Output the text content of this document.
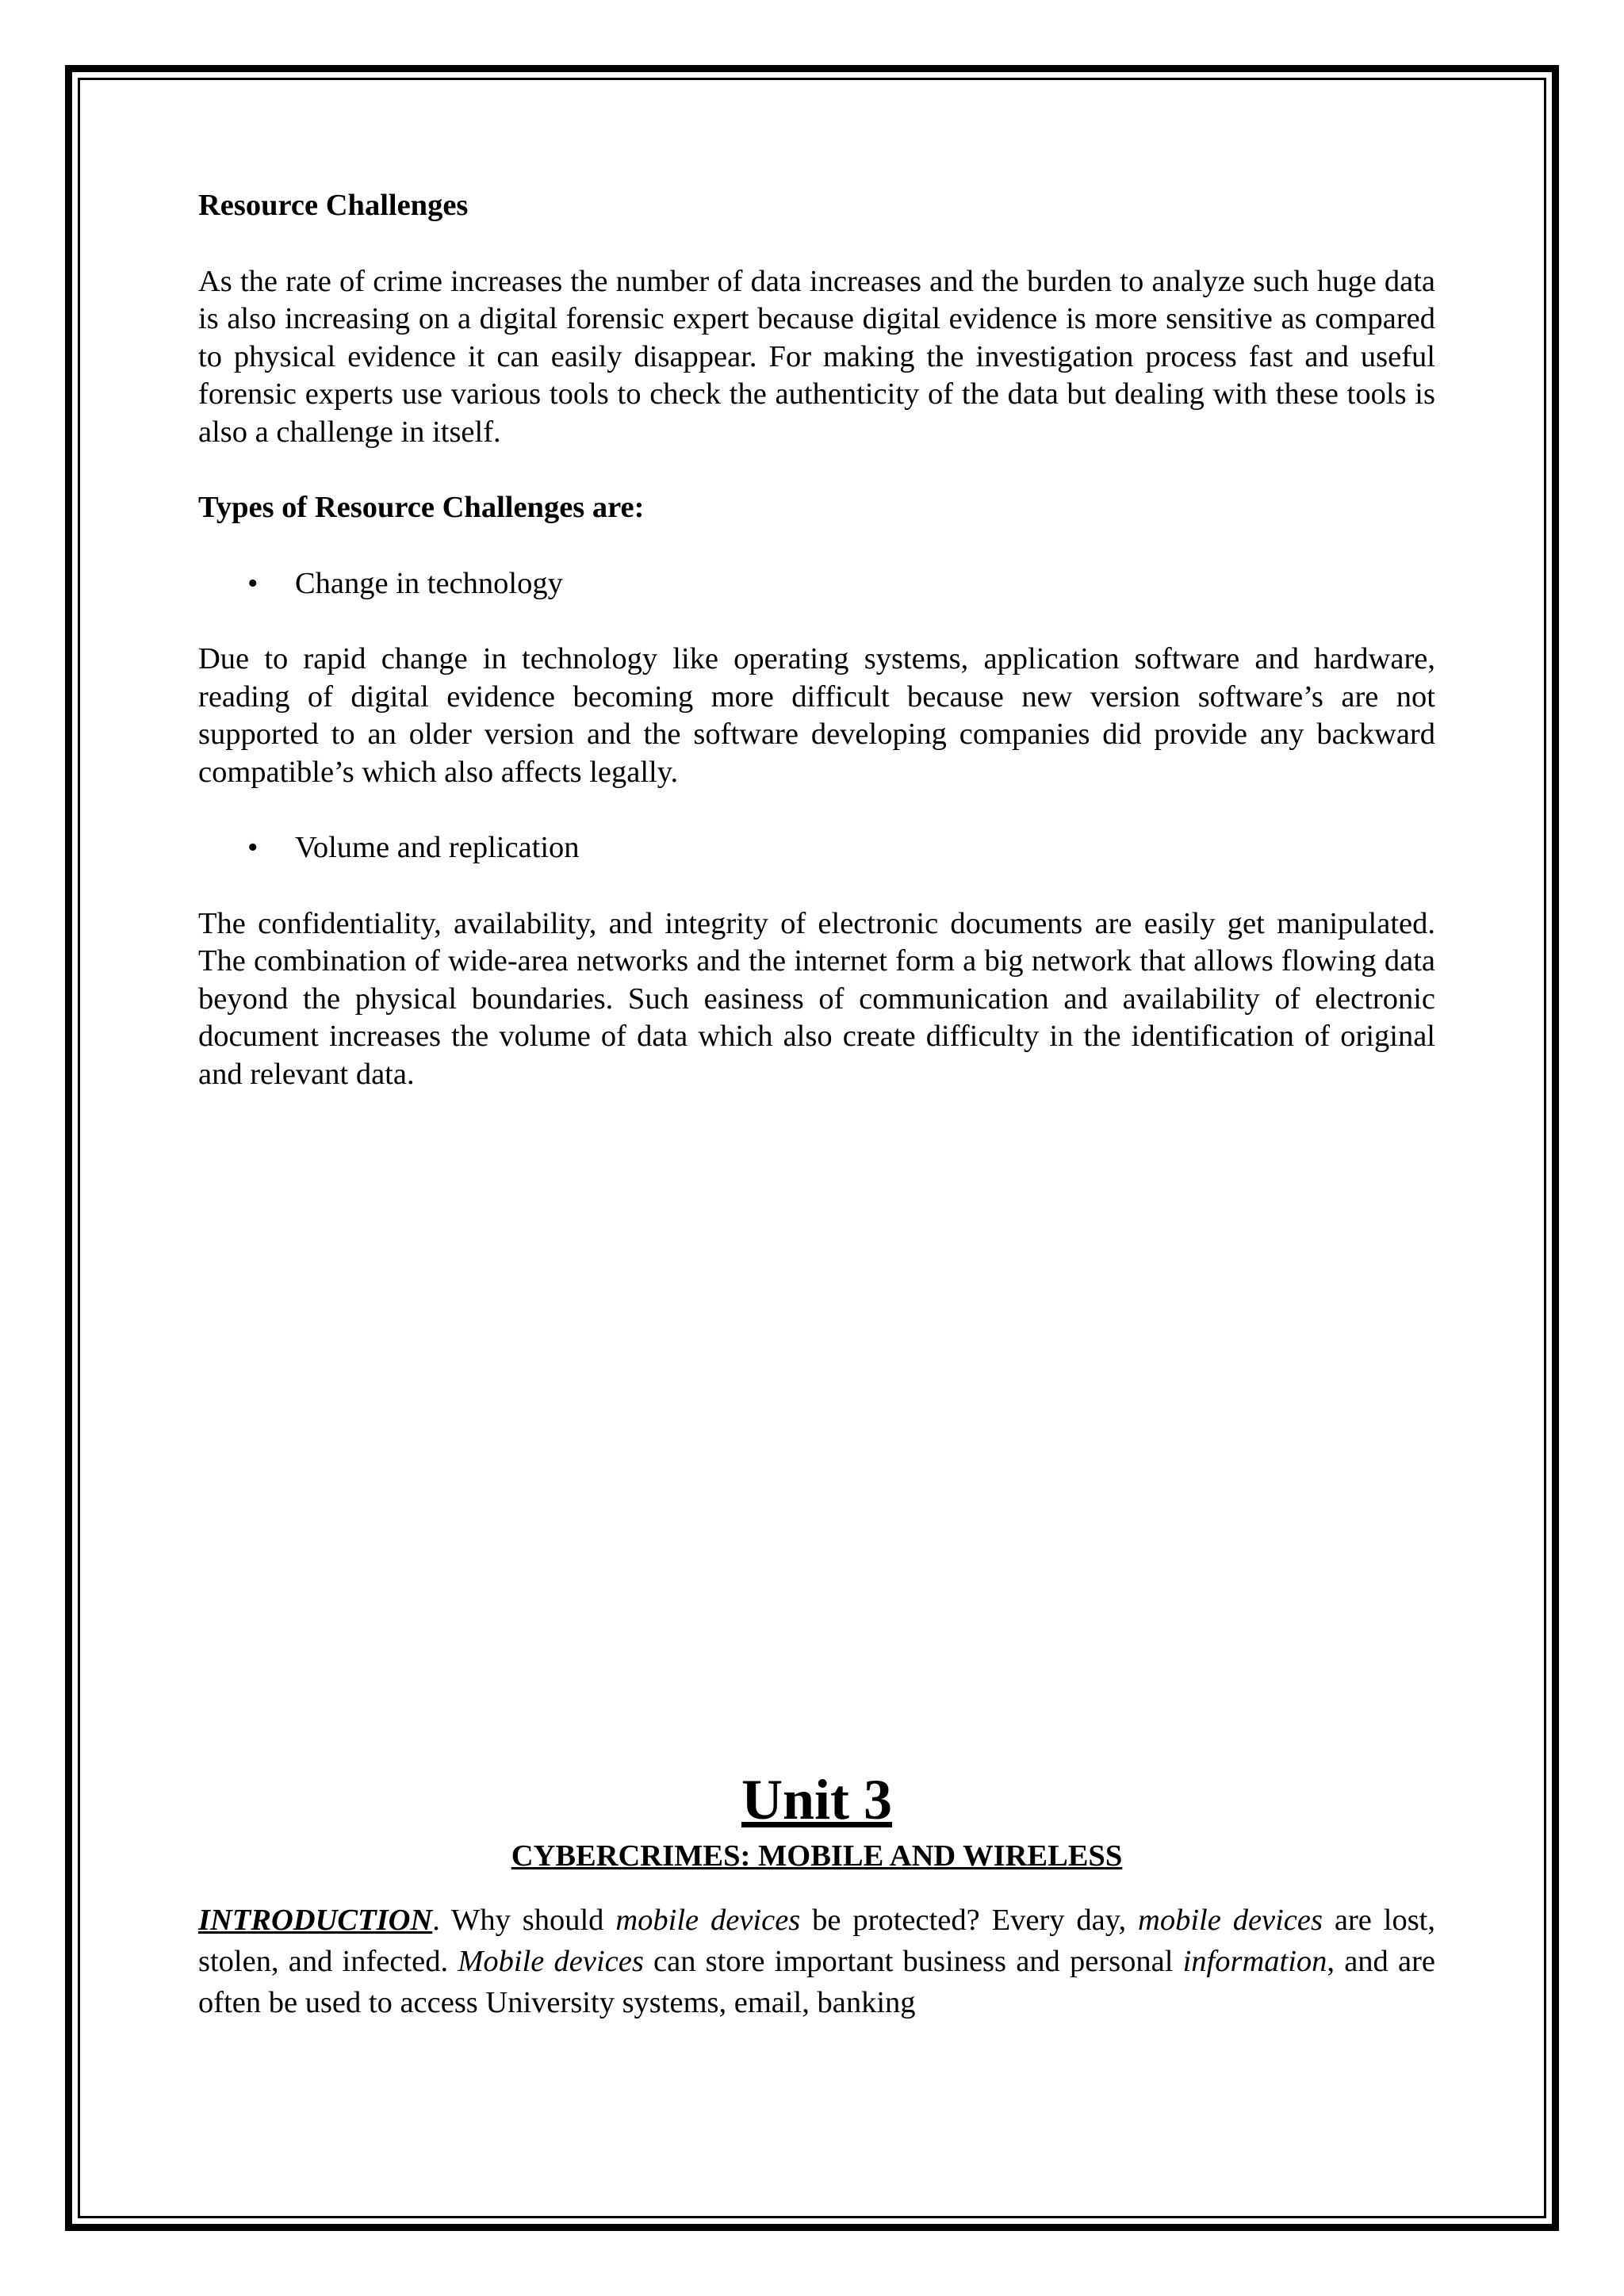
Resource Challenges

As the rate of crime increases the number of data increases and the burden to analyze such huge data is also increasing on a digital forensic expert because digital evidence is more sensitive as compared to physical evidence it can easily disappear. For making the investigation process fast and useful forensic experts use various tools to check the authenticity of the data but dealing with these tools is also a challenge in itself.

Types of Resource Challenges are:

•	Change in technology

Due to rapid change in technology like operating systems, application software and hardware, reading of digital evidence becoming more difficult because new version software’s are not supported to an older version and the software developing companies did provide any backward compatible’s which also affects legally.

•	Volume and replication

The confidentiality, availability, and integrity of electronic documents are easily get manipulated. The combination of wide-area networks and the internet form a big network that allows flowing data beyond the physical boundaries. Such easiness of communication and availability of electronic document increases the volume of data which also create difficulty in the identification of original and relevant data.

Unit 3

CYBERCRIMES: MOBILE AND WIRELESS

INTRODUCTION. Why should mobile devices be protected? Every day, mobile devices are lost, stolen, and infected. Mobile devices can store important business and personal information, and are often be used to access University systems, email, banking
